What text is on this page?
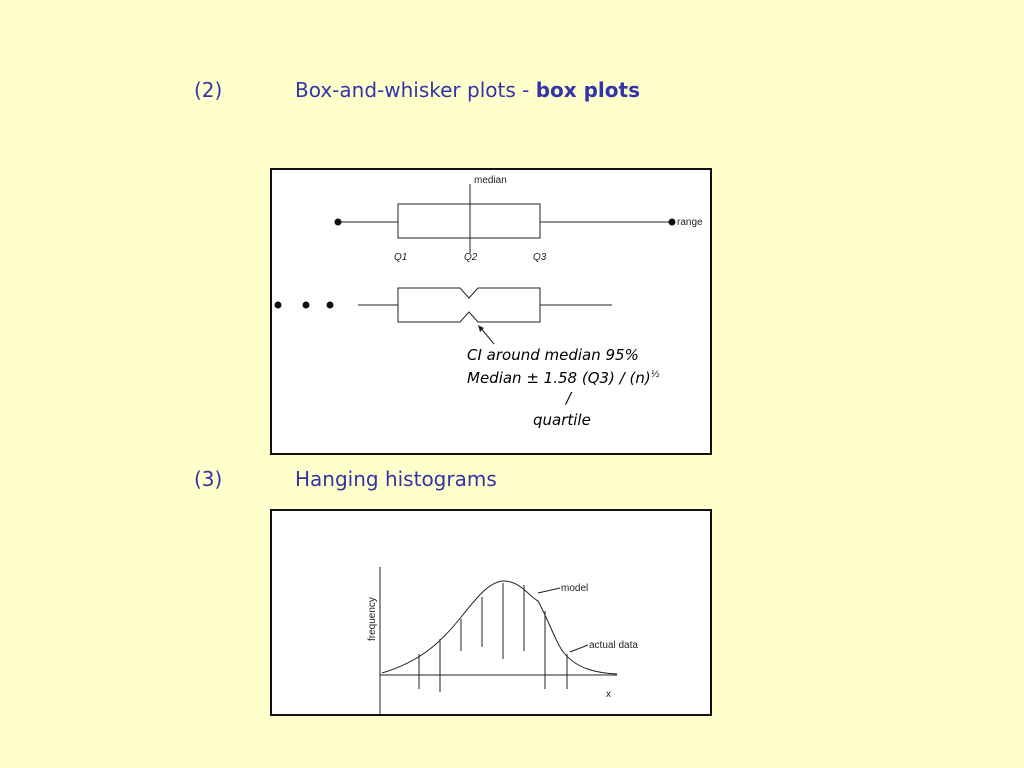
(2)	Box-and-whisker plots - box plots
median
range
Q1	Q2	Q3
CI around median 95%
Median ± 1.58 $(Q3) / (n)^{\frac{1}{2}}$
/
quartile
(3)	Hanging histograms
frequency
x
model
actual data
